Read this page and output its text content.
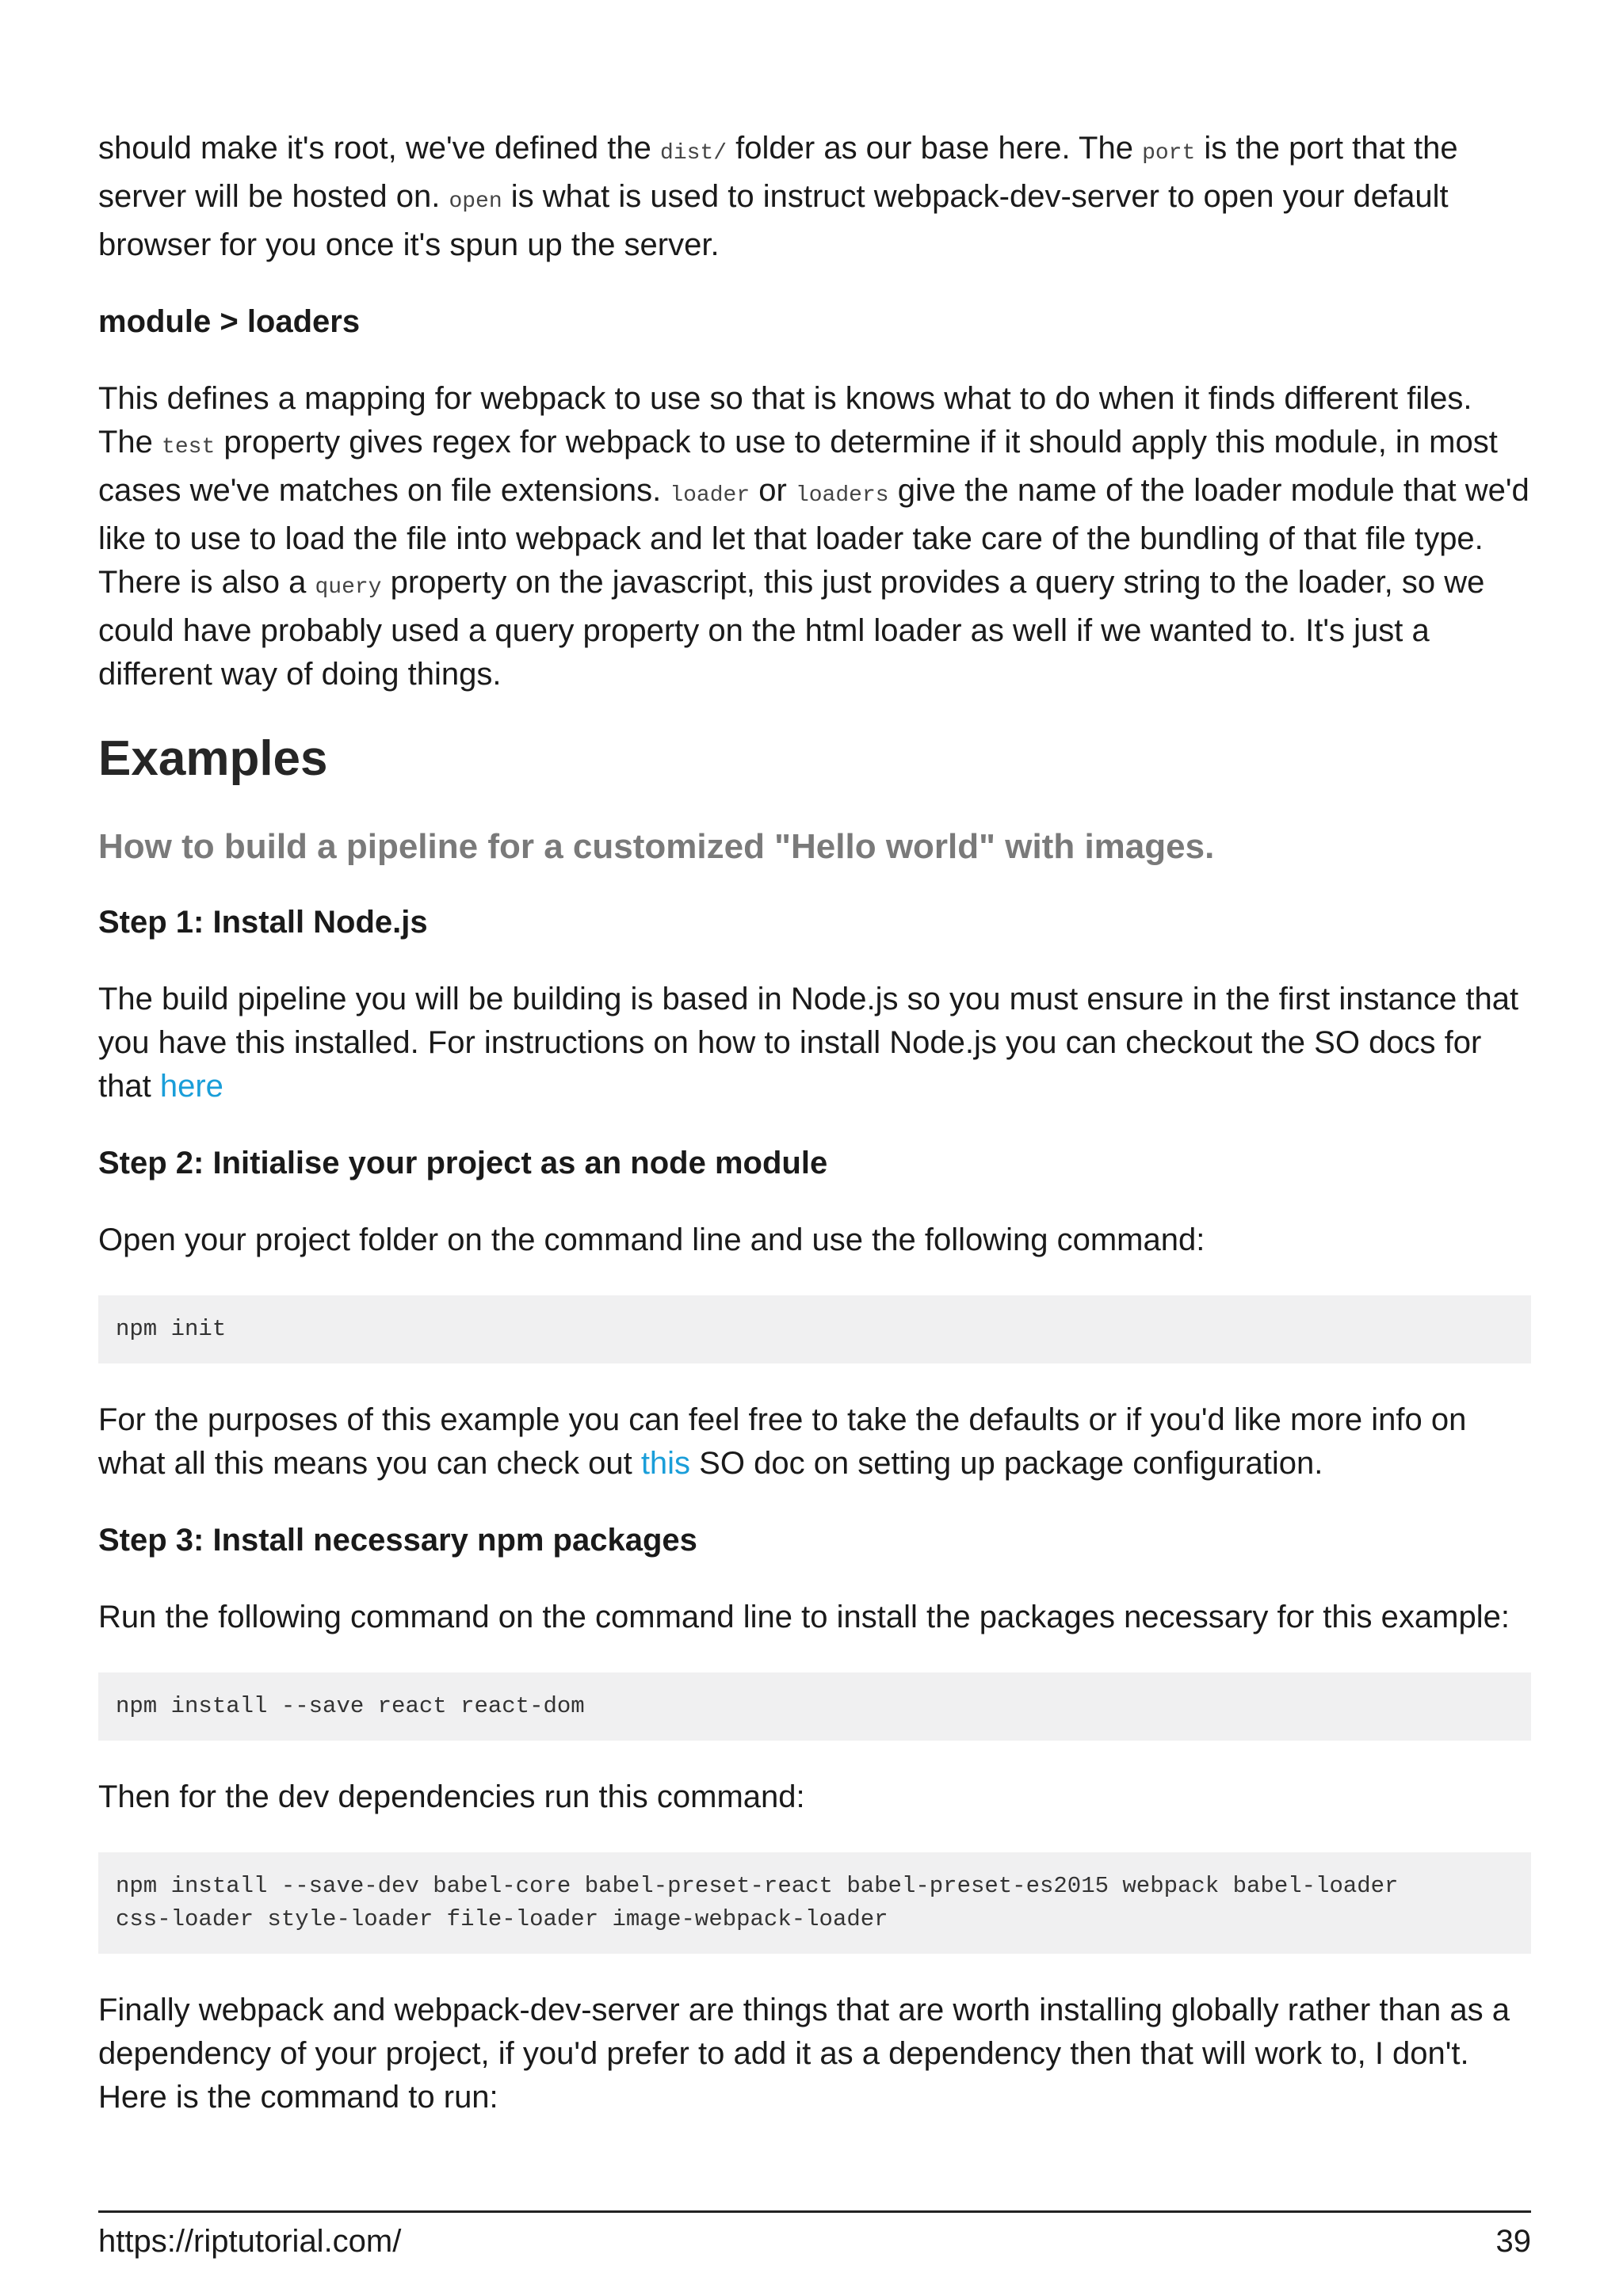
should make it's root, we've defined the dist/ folder as our base here. The port is the port that the server will be hosted on. open is what is used to instruct webpack-dev-server to open your default browser for you once it's spun up the server.

module > loaders

This defines a mapping for webpack to use so that is knows what to do when it finds different files. The test property gives regex for webpack to use to determine if it should apply this module, in most cases we've matches on file extensions. loader or loaders give the name of the loader module that we'd like to use to load the file into webpack and let that loader take care of the bundling of that file type. There is also a query property on the javascript, this just provides a query string to the loader, so we could have probably used a query property on the html loader as well if we wanted to. It's just a different way of doing things.

Examples
How to build a pipeline for a customized "Hello world" with images.
Step 1: Install Node.js

The build pipeline you will be building is based in Node.js so you must ensure in the first instance that you have this installed. For instructions on how to install Node.js you can checkout the SO docs for that here

Step 2: Initialise your project as an node module

Open your project folder on the command line and use the following command:

npm init

For the purposes of this example you can feel free to take the defaults or if you'd like more info on what all this means you can check out this SO doc on setting up package configuration.

Step 3: Install necessary npm packages

Run the following command on the command line to install the packages necessary for this example:

npm install --save react react-dom

Then for the dev dependencies run this command:

npm install --save-dev babel-core babel-preset-react babel-preset-es2015 webpack babel-loader
css-loader style-loader file-loader image-webpack-loader

Finally webpack and webpack-dev-server are things that are worth installing globally rather than as a dependency of your project, if you'd prefer to add it as a dependency then that will work to, I don't. Here is the command to run:

https://riptutorial.com/	39
